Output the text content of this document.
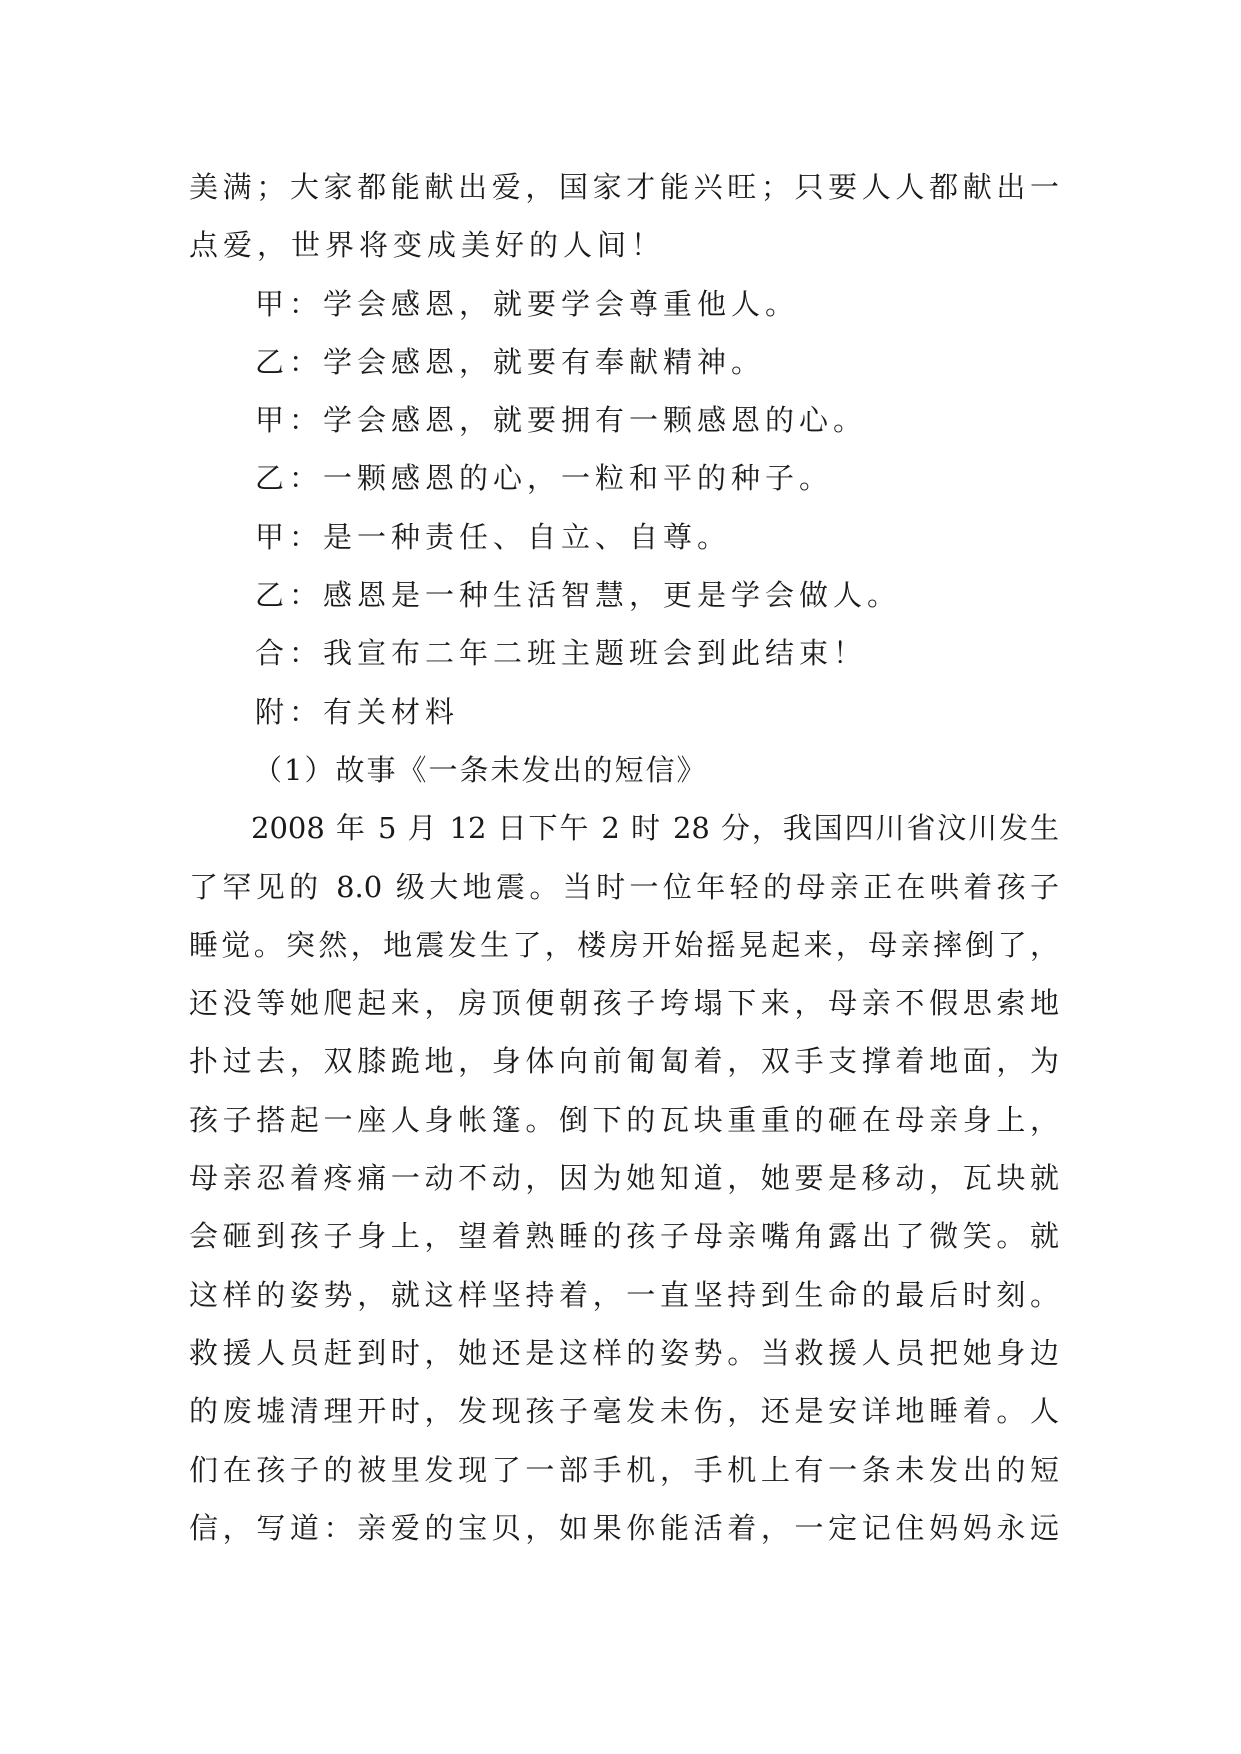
美满；大家都能献出爱，国家才能兴旺；只要人人都献出一
点爱，世界将变成美好的人间！
甲：学会感恩，就要学会尊重他人。
乙：学会感恩，就要有奉献精神。
甲：学会感恩，就要拥有一颗感恩的心。
乙：一颗感恩的心，一粒和平的种子。
甲：是一种责任、自立、自尊。
乙：感恩是一种生活智慧，更是学会做人。
合：我宣布二年二班主题班会到此结束！
附：有关材料
（1）故事《一条未发出的短信》
2008 年 5 月 12 日下午 2 时 28 分，我国四川省汶川发生
了罕见的 8.0 级大地震。当时一位年轻的母亲正在哄着孩子
睡觉。突然，地震发生了，楼房开始摇晃起来，母亲摔倒了，
还没等她爬起来，房顶便朝孩子垮塌下来，母亲不假思索地
扑过去，双膝跪地，身体向前匍匐着，双手支撑着地面，为
孩子搭起一座人身帐篷。倒下的瓦块重重的砸在母亲身上，
母亲忍着疼痛一动不动，因为她知道，她要是移动，瓦块就
会砸到孩子身上，望着熟睡的孩子母亲嘴角露出了微笑。就
这样的姿势，就这样坚持着，一直坚持到生命的最后时刻。
救援人员赶到时，她还是这样的姿势。当救援人员把她身边
的废墟清理开时，发现孩子毫发未伤，还是安详地睡着。人
们在孩子的被里发现了一部手机，手机上有一条未发出的短
信，写道：亲爱的宝贝，如果你能活着，一定记住妈妈永远
